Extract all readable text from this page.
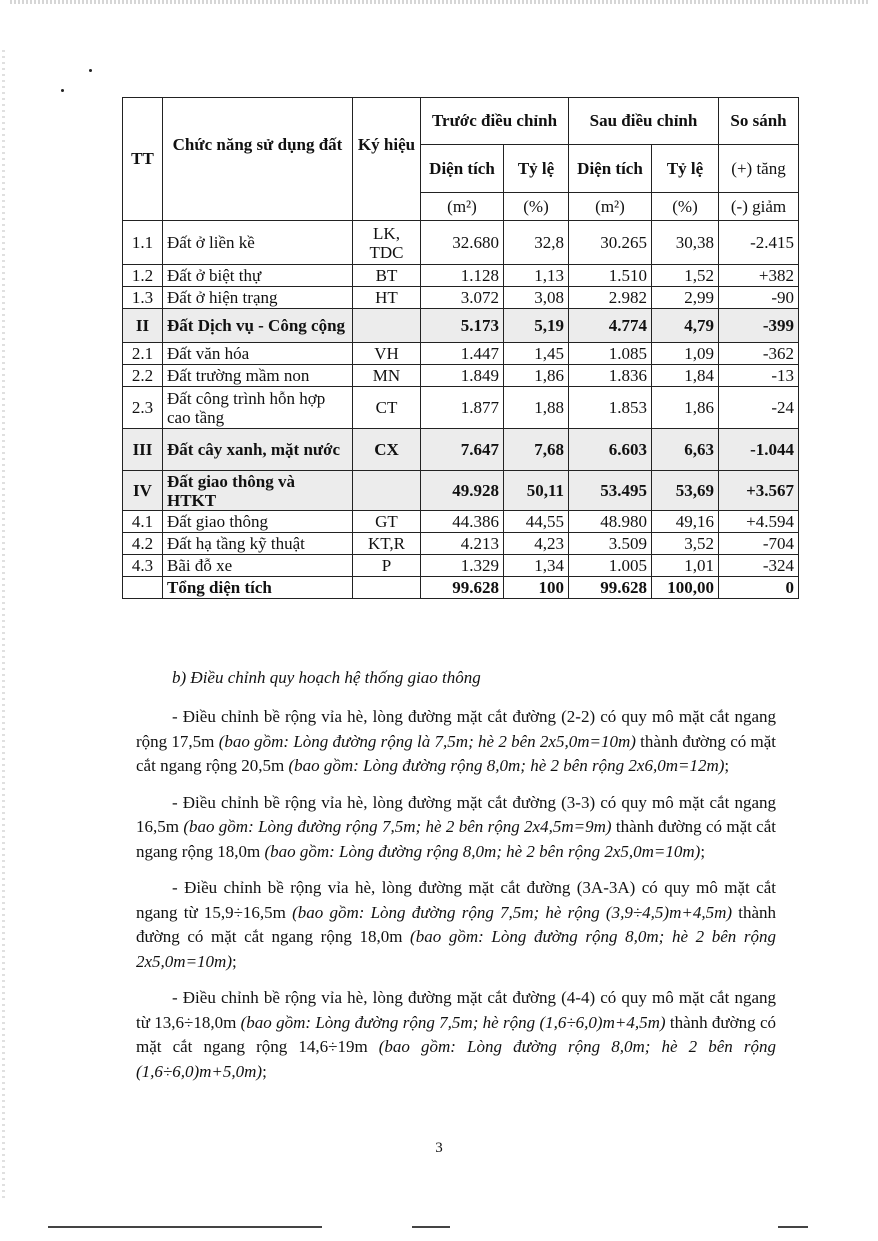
TT	Chức năng sử dụng đất	Ký hiệu	Trước điều chỉnh		Sau điều chỉnh		So sánh
			Diện tích	Tỷ lệ	Diện tích	Tỷ lệ	(+) tăng
			(m²)	(%)	(m²)	(%)	(-) giảm
1.1	Đất ở liền kề	LK, TDC	32.680	32,8	30.265	30,38	-2.415
1.2	Đất ở biệt thự	BT	1.128	1,13	1.510	1,52	+382
1.3	Đất ở hiện trạng	HT	3.072	3,08	2.982	2,99	-90
II	Đất Dịch vụ - Công cộng		5.173	5,19	4.774	4,79	-399
2.1	Đất văn hóa	VH	1.447	1,45	1.085	1,09	-362
2.2	Đất trường mầm non	MN	1.849	1,86	1.836	1,84	-13
2.3	Đất công trình hỗn hợp cao tầng	CT	1.877	1,88	1.853	1,86	-24
III	Đất cây xanh, mặt nước	CX	7.647	7,68	6.603	6,63	-1.044
IV	Đất giao thông và HTKT		49.928	50,11	53.495	53,69	+3.567
4.1	Đất giao thông	GT	44.386	44,55	48.980	49,16	+4.594
4.2	Đất hạ tầng kỹ thuật	KT,R	4.213	4,23	3.509	3,52	-704
4.3	Bãi đỗ xe	P	1.329	1,34	1.005	1,01	-324
	Tổng diện tích		99.628	100	99.628	100,00	0
b) Điều chỉnh quy hoạch hệ thống giao thông

- Điều chỉnh bề rộng vỉa hè, lòng đường mặt cắt đường (2-2) có quy mô mặt cắt ngang rộng 17,5m (bao gồm: Lòng đường rộng là 7,5m; hè 2 bên 2x5,0m=10m) thành đường có mặt cắt ngang rộng 20,5m (bao gồm: Lòng đường rộng 8,0m; hè 2 bên rộng 2x6,0m=12m);

- Điều chỉnh bề rộng vỉa hè, lòng đường mặt cắt đường (3-3) có quy mô mặt cắt ngang 16,5m (bao gồm: Lòng đường rộng 7,5m; hè 2 bên rộng 2x4,5m=9m) thành đường có mặt cắt ngang rộng 18,0m (bao gồm: Lòng đường rộng 8,0m; hè 2 bên rộng 2x5,0m=10m);

- Điều chỉnh bề rộng vỉa hè, lòng đường mặt cắt đường (3A-3A) có quy mô mặt cắt ngang từ 15,9÷16,5m (bao gồm: Lòng đường rộng 7,5m; hè rộng (3,9÷4,5)m+4,5m) thành đường có mặt cắt ngang rộng 18,0m (bao gồm: Lòng đường rộng 8,0m; hè 2 bên rộng 2x5,0m=10m);

- Điều chỉnh bề rộng vỉa hè, lòng đường mặt cắt đường (4-4) có quy mô mặt cắt ngang từ 13,6÷18,0m (bao gồm: Lòng đường rộng 7,5m; hè rộng (1,6÷6,0)m+4,5m) thành đường có mặt cắt ngang rộng 14,6÷19m (bao gồm: Lòng đường rộng 8,0m; hè 2 bên rộng (1,6÷6,0)m+5,0m);

3
